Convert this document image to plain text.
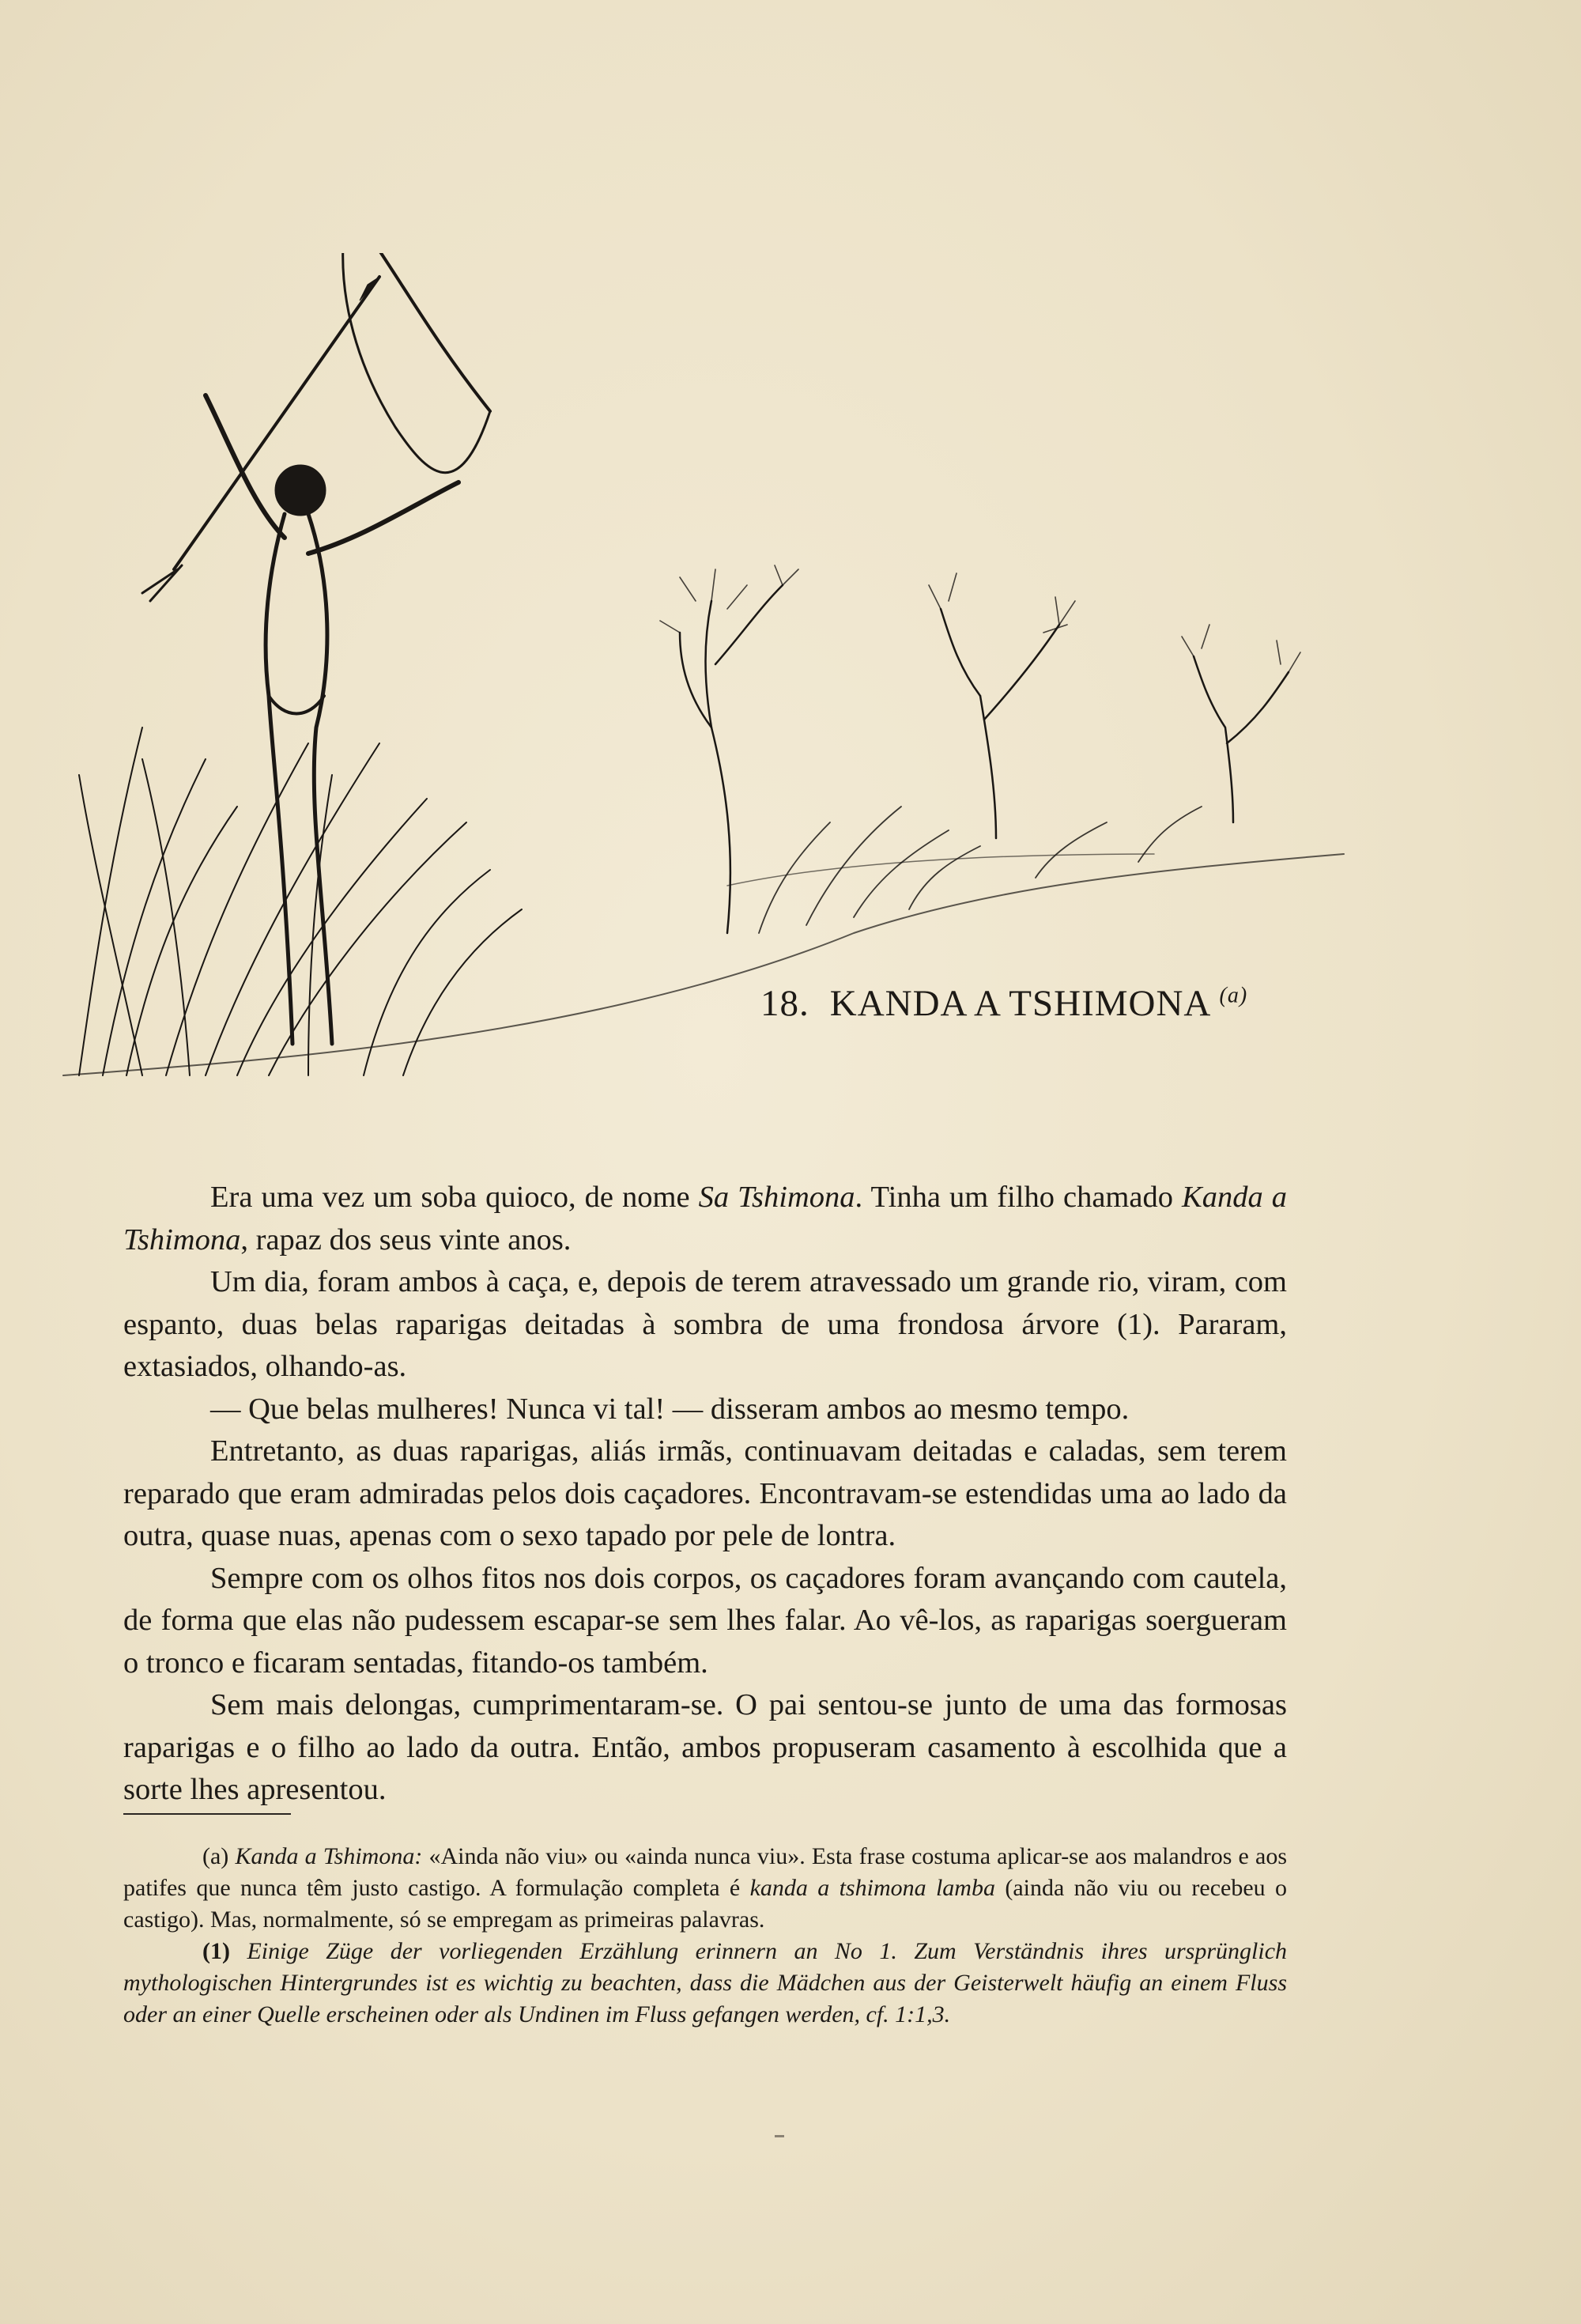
18. KANDA A TSHIMONA $^{(a)}$

Era uma vez um soba quioco, de nome Sa Tshimona. Tinha um filho chamado Kanda a Tshimona, rapaz dos seus vinte anos.

Um dia, foram ambos à caça, e, depois de terem atravessado um grande rio, viram, com espanto, duas belas raparigas deitadas à sombra de uma frondosa árvore (1). Pararam, extasiados, olhando-as.

— Que belas mulheres! Nunca vi tal! — disseram ambos ao mesmo tempo.

Entretanto, as duas raparigas, aliás irmãs, continuavam deitadas e caladas, sem terem reparado que eram admiradas pelos dois caçadores. Encontravam-se estendidas uma ao lado da outra, quase nuas, apenas com o sexo tapado por pele de lontra.

Sempre com os olhos fitos nos dois corpos, os caçadores foram avançando com cautela, de forma que elas não pudessem escapar-se sem lhes falar. Ao vê-los, as raparigas soergueram o tronco e ficaram sentadas, fitando-os também.

Sem mais delongas, cumprimentaram-se. O pai sentou-se junto de uma das formosas raparigas e o filho ao lado da outra. Então, ambos propuseram casamento à escolhida que a sorte lhes apresentou.

(a) Kanda a Tshimona: «Ainda não viu» ou «ainda nunca viu». Esta frase costuma aplicar-se aos malandros e aos patifes que nunca têm justo castigo. A formulação completa é kanda a tshimona lamba (ainda não viu ou recebeu o castigo). Mas, normalmente, só se empregam as primeiras palavras.

(1) Einige Züge der vorliegenden Erzählung erinnern an No 1. Zum Verständnis ihres ursprünglich mythologischen Hintergrundes ist es wichtig zu beachten, dass die Mädchen aus der Geisterwelt häufig an einem Fluss oder an einer Quelle erscheinen oder als Undinen im Fluss gefangen werden, cf. 1:1,3.
